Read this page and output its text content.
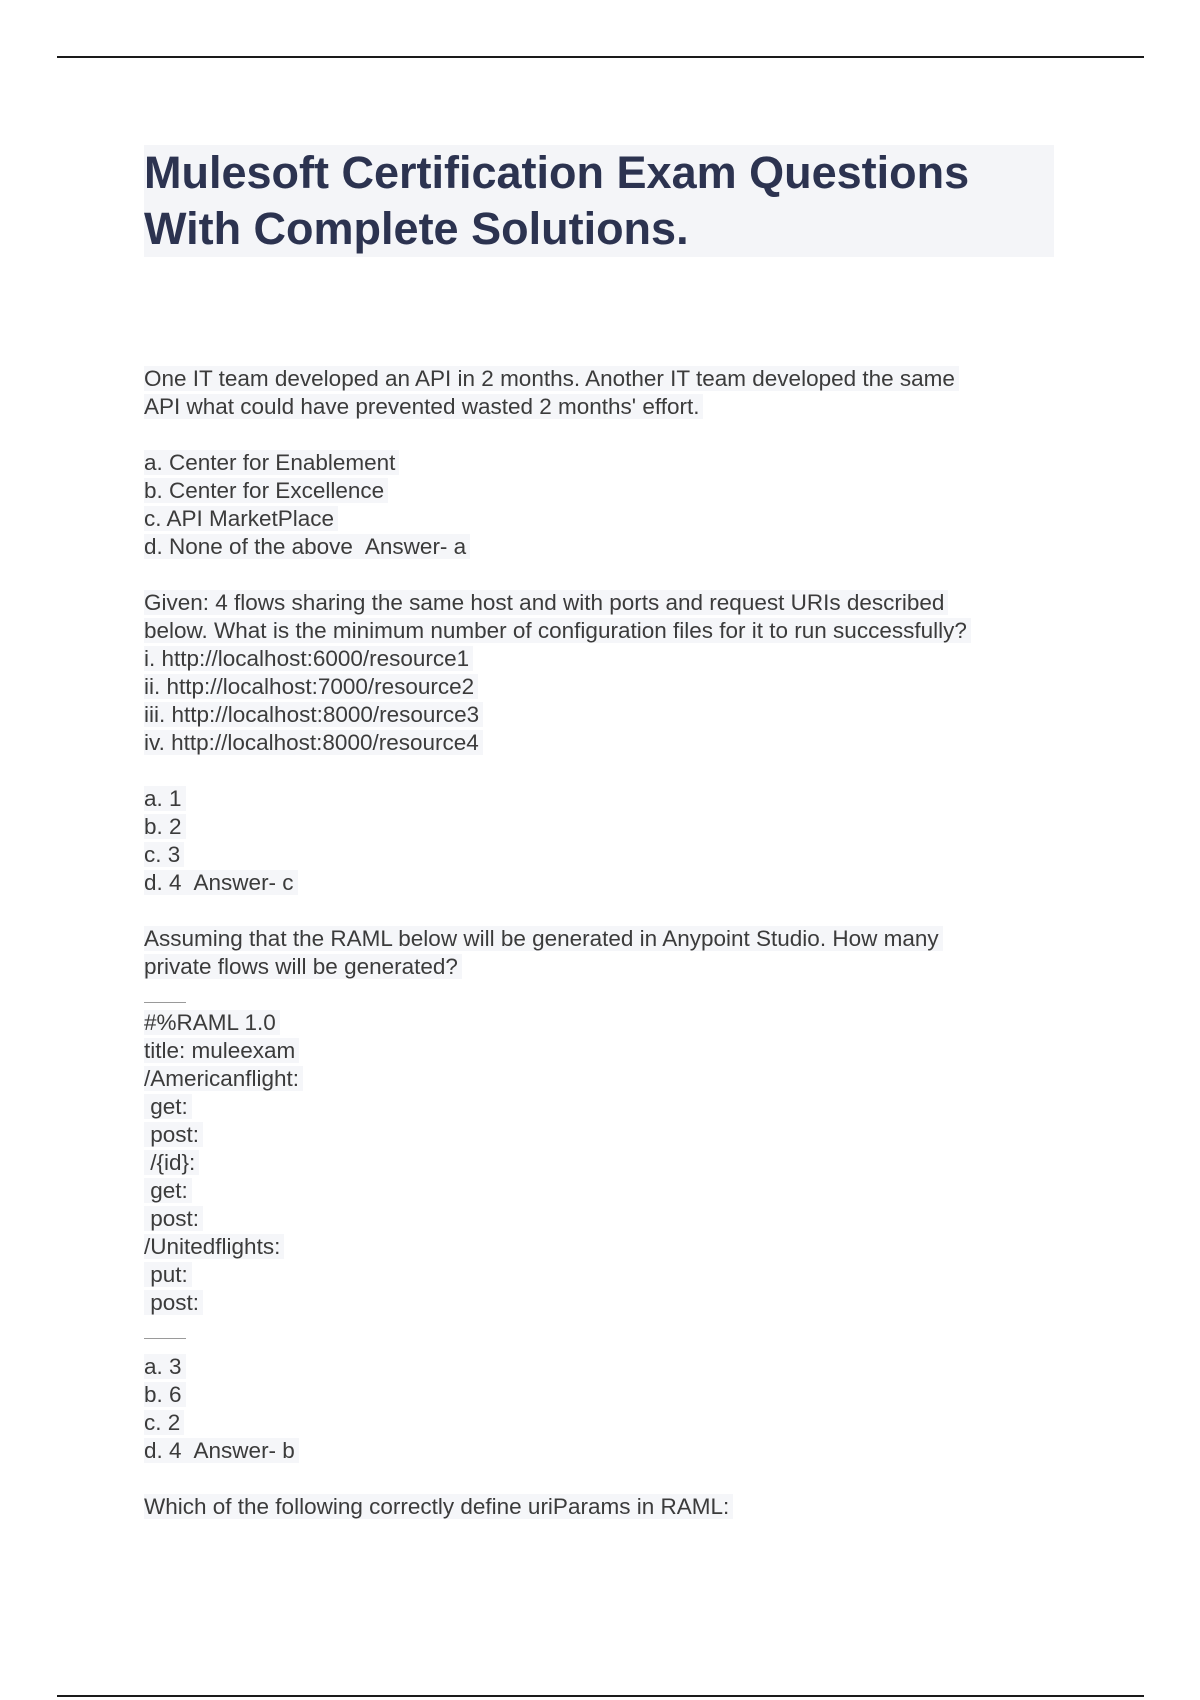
Mulesoft Certification Exam Questions
With Complete Solutions.
One IT team developed an API in 2 months. Another IT team developed the same
API what could have prevented wasted 2 months' effort.
a. Center for Enablement
b. Center for Excellence
c. API MarketPlace
d. None of the above Answer- a
Given: 4 flows sharing the same host and with ports and request URIs described
below. What is the minimum number of configuration files for it to run successfully?
i. http://localhost:6000/resource1
ii. http://localhost:7000/resource2
iii. http://localhost:8000/resource3
iv. http://localhost:8000/resource4
a. 1
b. 2
c. 3
d. 4 Answer- c
Assuming that the RAML below will be generated in Anypoint Studio. How many
private flows will be generated?
#%RAML 1.0
title: muleexam
/Americanflight:
get:
post:
/{id}:
get:
post:
/Unitedflights:
put:
post:
a. 3
b. 6
c. 2
d. 4 Answer- b
Which of the following correctly define uriParams in RAML:
